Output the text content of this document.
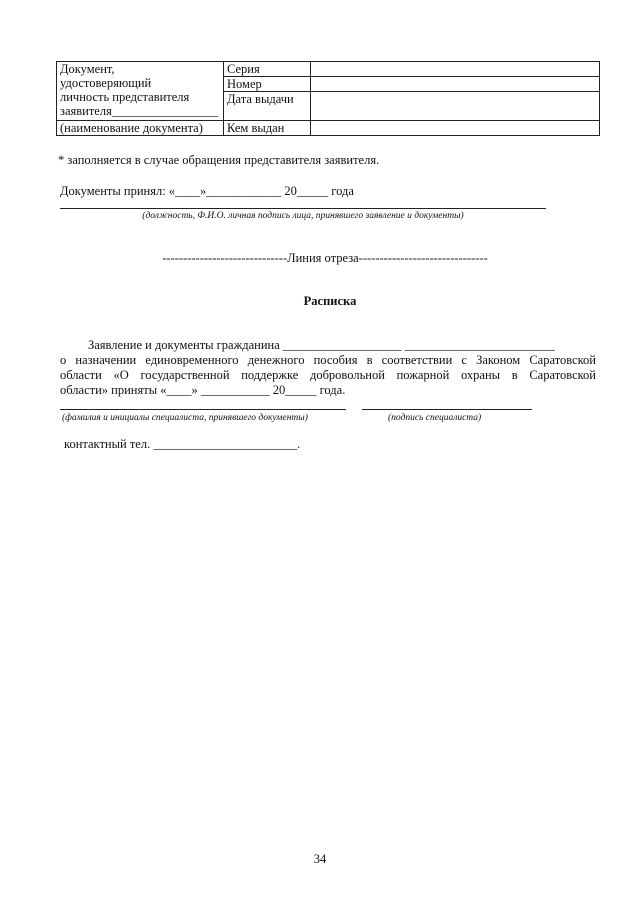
Документ,
удостоверяющий
личность представителя
заявителя_________________	Серия	
	Номер	
	Дата выдачи	

(наименование документа)	Кем выдан	
* заполняется в случае обращения представителя заявителя.
Документы принял: «____»____________ 20_____ года
(должность, Ф.И.О. личная подпись лица, принявшего заявление и документы)
------------------------------Линия отреза-------------------------------
Расписка
Заявление и документы гражданина ___________________ ________________________
о назначении единовременного денежного пособия в соответствии с Законом Саратовской
области «О государственной поддержке добровольной пожарной охраны в Саратовской
области» приняты «____» ___________ 20_____ года.
(фамилия и инициалы специалиста, принявшего документы)	(подпись специалиста)
контактный тел. _______________________.
34
